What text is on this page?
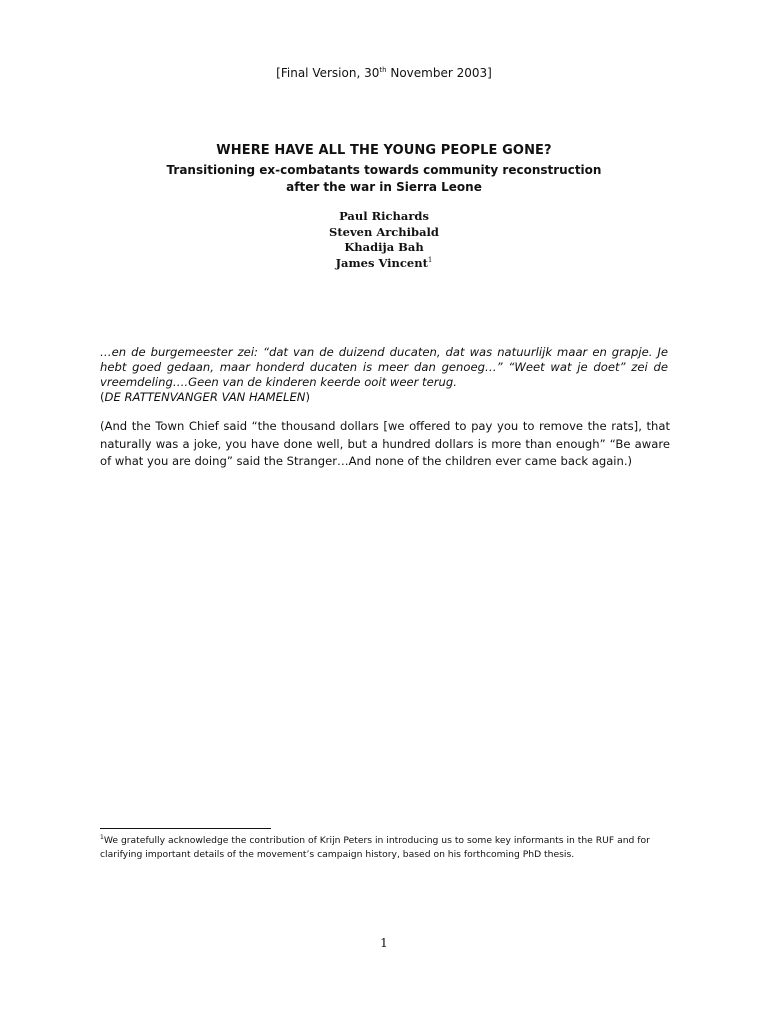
[Final Version, 30th November 2003]
WHERE HAVE ALL THE YOUNG PEOPLE GONE?
Transitioning ex-combatants towards community reconstruction
after the war in Sierra Leone
Paul Richards
Steven Archibald
Khadija Bah
James Vincent$^1$
…en de burgemeester zei: “dat van de duizend ducaten, dat was natuurlijk maar en grapje. Je hebt goed gedaan, maar honderd ducaten is meer dan genoeg…” “Weet wat je doet” zei de vreemdeling….Geen van de kinderen keerde ooit weer terug.
(DE RATTENVANGER VAN HAMELEN)
(And the Town Chief said “the thousand dollars [we offered to pay you to remove the rats], that naturally was a joke, you have done well, but a hundred dollars is more than enough” “Be aware of what you are doing” said the Stranger…And none of the children ever came back again.)
$^1$We gratefully acknowledge the contribution of Krijn Peters in introducing us to some key informants in the RUF and for clarifying important details of the movement’s campaign history, based on his forthcoming PhD thesis.
1
